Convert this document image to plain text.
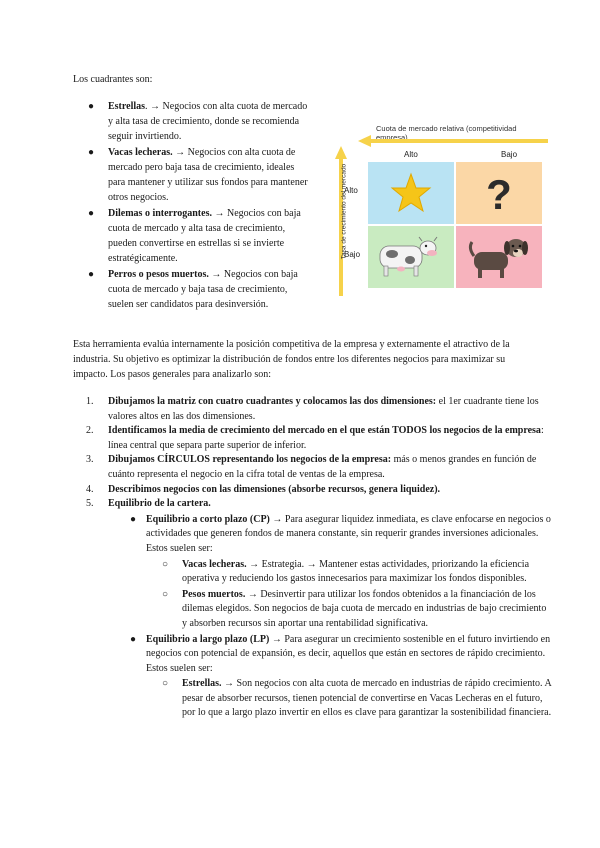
Los cuadrantes son:

● Estrellas. → Negocios con alta cuota de mercado y alta tasa de crecimiento, donde se recomienda seguir invirtiendo.
● Vacas lecheras. → Negocios con alta cuota de mercado pero baja tasa de crecimiento, ideales para mantener y utilizar sus fondos para mantener otros negocios.
● Dilemas o interrogantes. → Negocios con baja cuota de mercado y alta tasa de crecimiento, pueden convertirse en estrellas si se invierte estratégicamente.
● Perros o pesos muertos. → Negocios con baja cuota de mercado y baja tasa de crecimiento, suelen ser candidatos para desinversión.
Cuota de mercado relativa (competitividad empresa)
Tasa de crecimiento del mercado
Alto	Bajo
Alto
Bajo
?

Esta herramienta evalúa internamente la posición competitiva de la empresa y externamente el atractivo de la industria. Su objetivo es optimizar la distribución de fondos entre los diferentes negocios para maximizar su impacto. Los pasos generales para analizarlo son:

1. Dibujamos la matriz con cuatro cuadrantes y colocamos las dos dimensiones: el 1er cuadrante tiene los valores altos en las dos dimensiones.
2. Identificamos la media de crecimiento del mercado en el que están TODOS los negocios de la empresa: línea central que separa parte superior de inferior.
3. Dibujamos CÍRCULOS representando los negocios de la empresa: más o menos grandes en función de cuánto representa el negocio en la cifra total de ventas de la empresa.
4. Describimos negocios con las dimensiones (absorbe recursos, genera liquidez).
5. Equilibrio de la cartera.
● Equilibrio a corto plazo (CP) → Para asegurar liquidez inmediata, es clave enfocarse en negocios o actividades que generen fondos de manera constante, sin requerir grandes inversiones adicionales. Estos suelen ser:
○ Vacas lecheras. → Estrategia. → Mantener estas actividades, priorizando la eficiencia operativa y reduciendo los gastos innecesarios para maximizar los fondos disponibles.
○ Pesos muertos. → Desinvertir para utilizar los fondos obtenidos a la financiación de los dilemas elegidos. Son negocios de baja cuota de mercado en industrias de bajo crecimiento y absorben recursos sin aportar una rentabilidad significativa.
● Equilibrio a largo plazo (LP) → Para asegurar un crecimiento sostenible en el futuro invirtiendo en negocios con potencial de expansión, es decir, aquellos que están en sectores de rápido crecimiento. Estos suelen ser:
○ Estrellas. → Son negocios con alta cuota de mercado en industrias de rápido crecimiento. A pesar de absorber recursos, tienen potencial de convertirse en Vacas Lecheras en el futuro, por lo que a largo plazo invertir en ellos es clave para garantizar la sostenibilidad financiera.
